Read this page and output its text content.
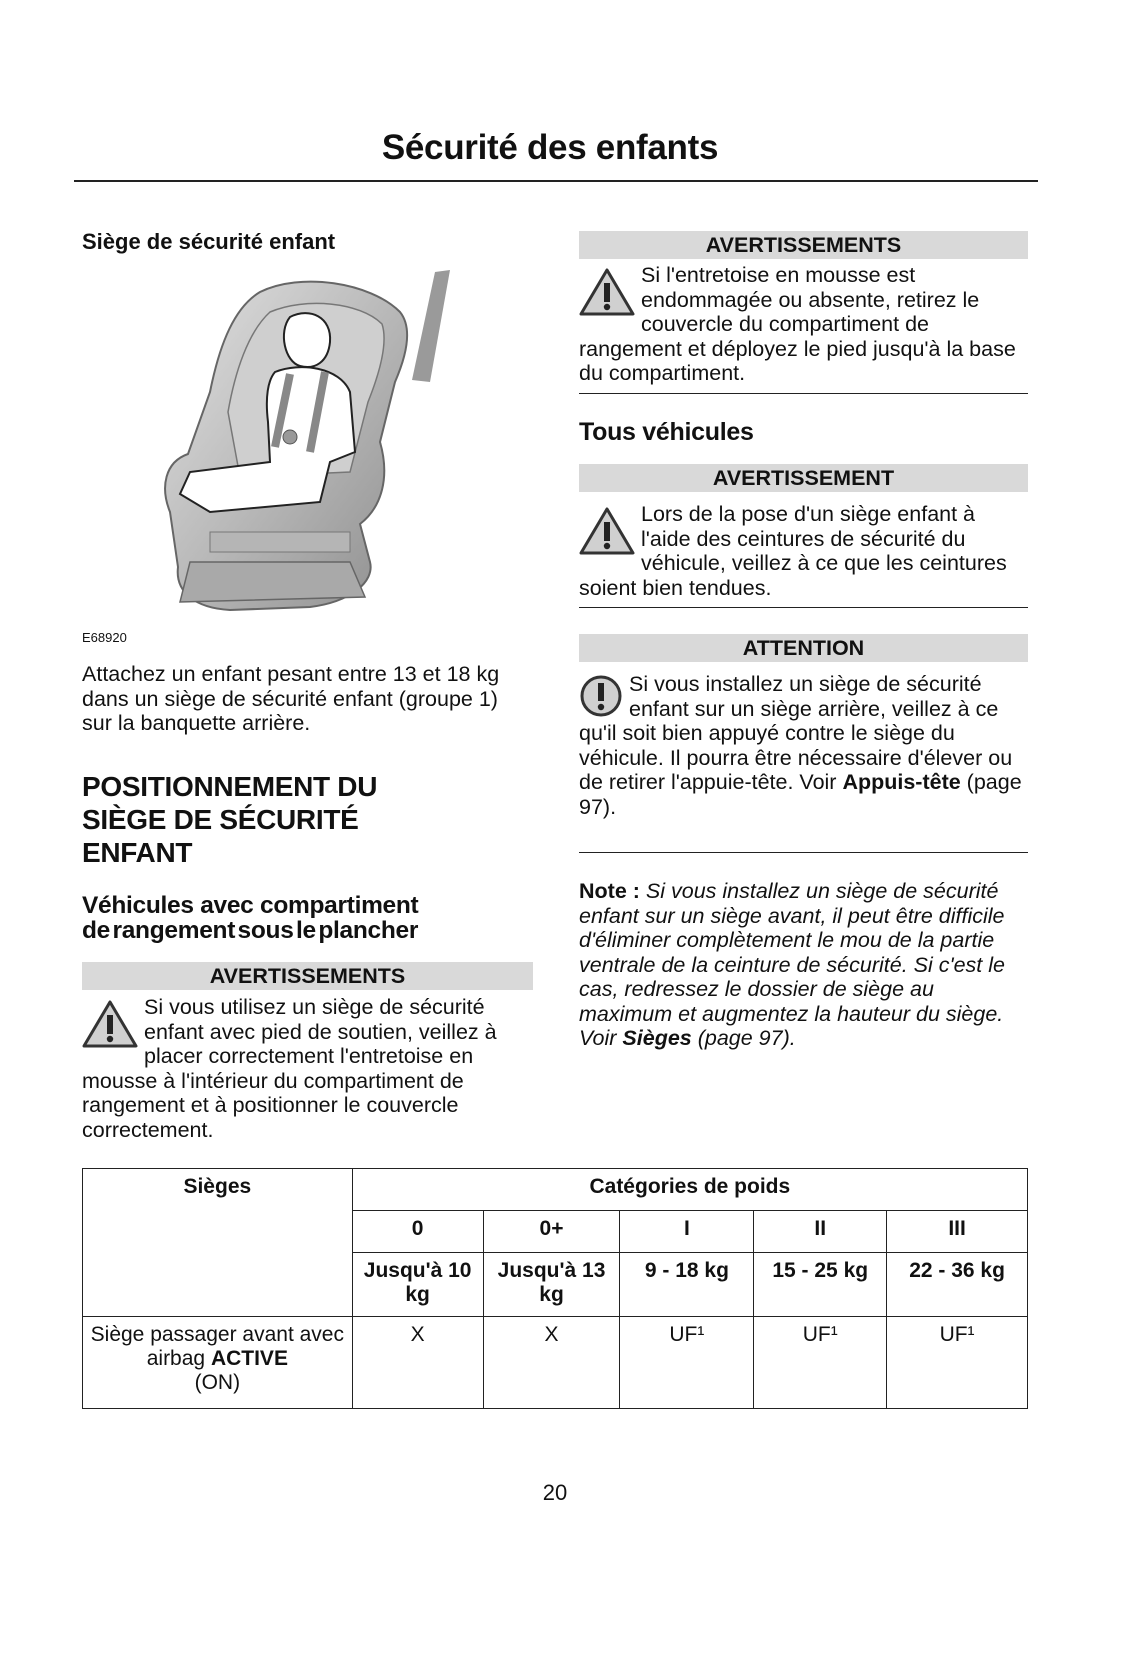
Sécurité des enfants
Siège de sécurité enfant
E68920
Attachez un enfant pesant entre 13 et 18 kg dans un siège de sécurité enfant (groupe 1) sur la banquette arrière.
POSITIONNEMENT DU
SIÈGE DE SÉCURITÉ
ENFANT
Véhicules avec compartiment
de rangement sous le plancher
AVERTISSEMENTS
Si vous utilisez un siège de sécurité enfant avec pied de soutien, veillez à placer correctement l'entretoise en mousse à l'intérieur du compartiment de rangement et à positionner le couvercle correctement.
AVERTISSEMENTS
Si l'entretoise en mousse est endommagée ou absente, retirez le couvercle du compartiment de rangement et déployez le pied jusqu'à la base du compartiment.
Tous véhicules
AVERTISSEMENT
Lors de la pose d'un siège enfant à l'aide des ceintures de sécurité du véhicule, veillez à ce que les ceintures soient bien tendues.
ATTENTION
Si vous installez un siège de sécurité enfant sur un siège arrière, veillez à ce qu'il soit bien appuyé contre le siège du véhicule. Il pourra être nécessaire d'élever ou de retirer l'appuie-tête. Voir Appuis-tête (page 97).
Note : Si vous installez un siège de sécurité enfant sur un siège avant, il peut être difficile d'éliminer complètement le mou de la partie ventrale de la ceinture de sécurité. Si c'est le cas, redressez le dossier de siège au maximum et augmentez la hauteur du siège. Voir Sièges (page 97).
Sièges	Catégories de poids				
	0	0+	I	II	III
	Jusqu'à 10 kg	Jusqu'à 13 kg	9 - 18 kg	15 - 25 kg	22 - 36 kg
Siège passager avant avec airbag ACTIVE
(ON)	X	X	UF¹	UF¹	UF¹
20
